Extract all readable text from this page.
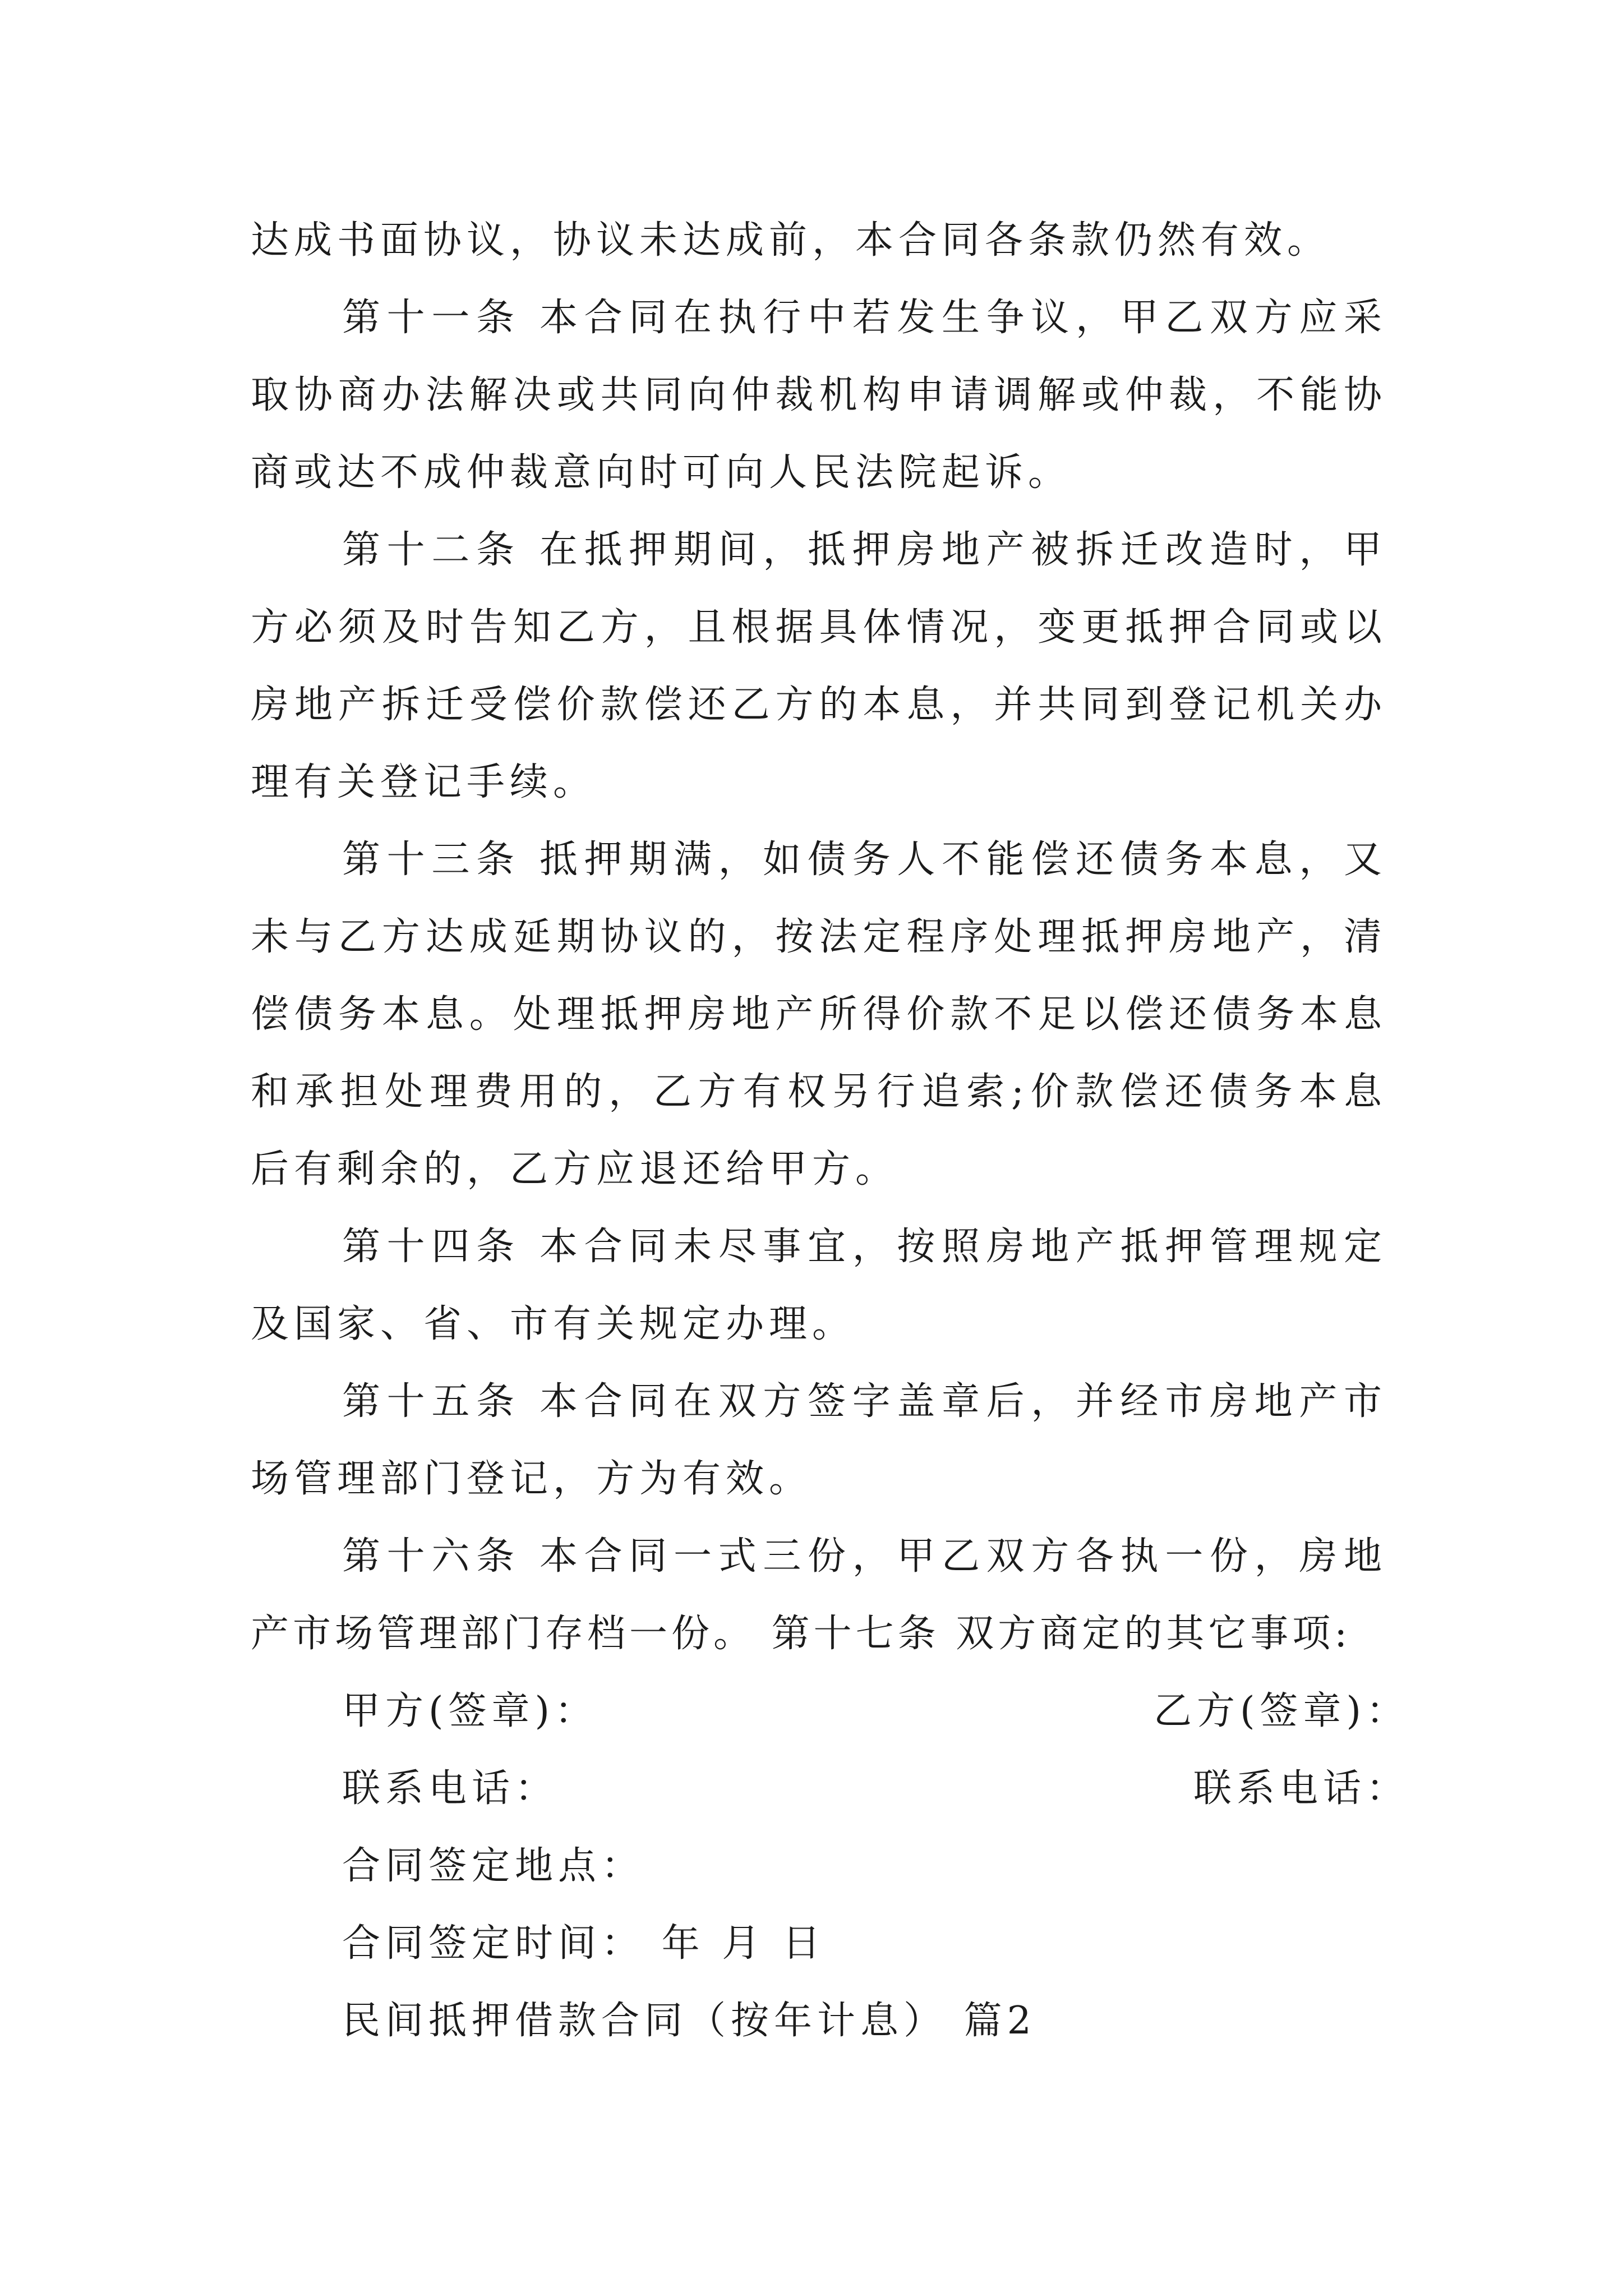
达成书面协议，协议未达成前，本合同各条款仍然有效。
第十一条 本合同在执行中若发生争议，甲乙双方应采
取协商办法解决或共同向仲裁机构申请调解或仲裁，不能协
商或达不成仲裁意向时可向人民法院起诉。
第十二条 在抵押期间，抵押房地产被拆迁改造时，甲
方必须及时告知乙方，且根据具体情况，变更抵押合同或以
房地产拆迁受偿价款偿还乙方的本息，并共同到登记机关办
理有关登记手续。
第十三条 抵押期满，如债务人不能偿还债务本息，又
未与乙方达成延期协议的，按法定程序处理抵押房地产，清
偿债务本息。处理抵押房地产所得价款不足以偿还债务本息
和承担处理费用的，乙方有权另行追索;价款偿还债务本息
后有剩余的，乙方应退还给甲方。
第十四条 本合同未尽事宜，按照房地产抵押管理规定
及国家、省、市有关规定办理。
第十五条 本合同在双方签字盖章后，并经市房地产市
场管理部门登记，方为有效。
第十六条 本合同一式三份，甲乙双方各执一份，房地
产市场管理部门存档一份。 第十七条 双方商定的其它事项:
甲方(签章)：	乙方(签章)：
联系电话：	联系电话：
合同签定地点：
合同签定时间： 年 月 日
民间抵押借款合同（按年计息） 篇2
